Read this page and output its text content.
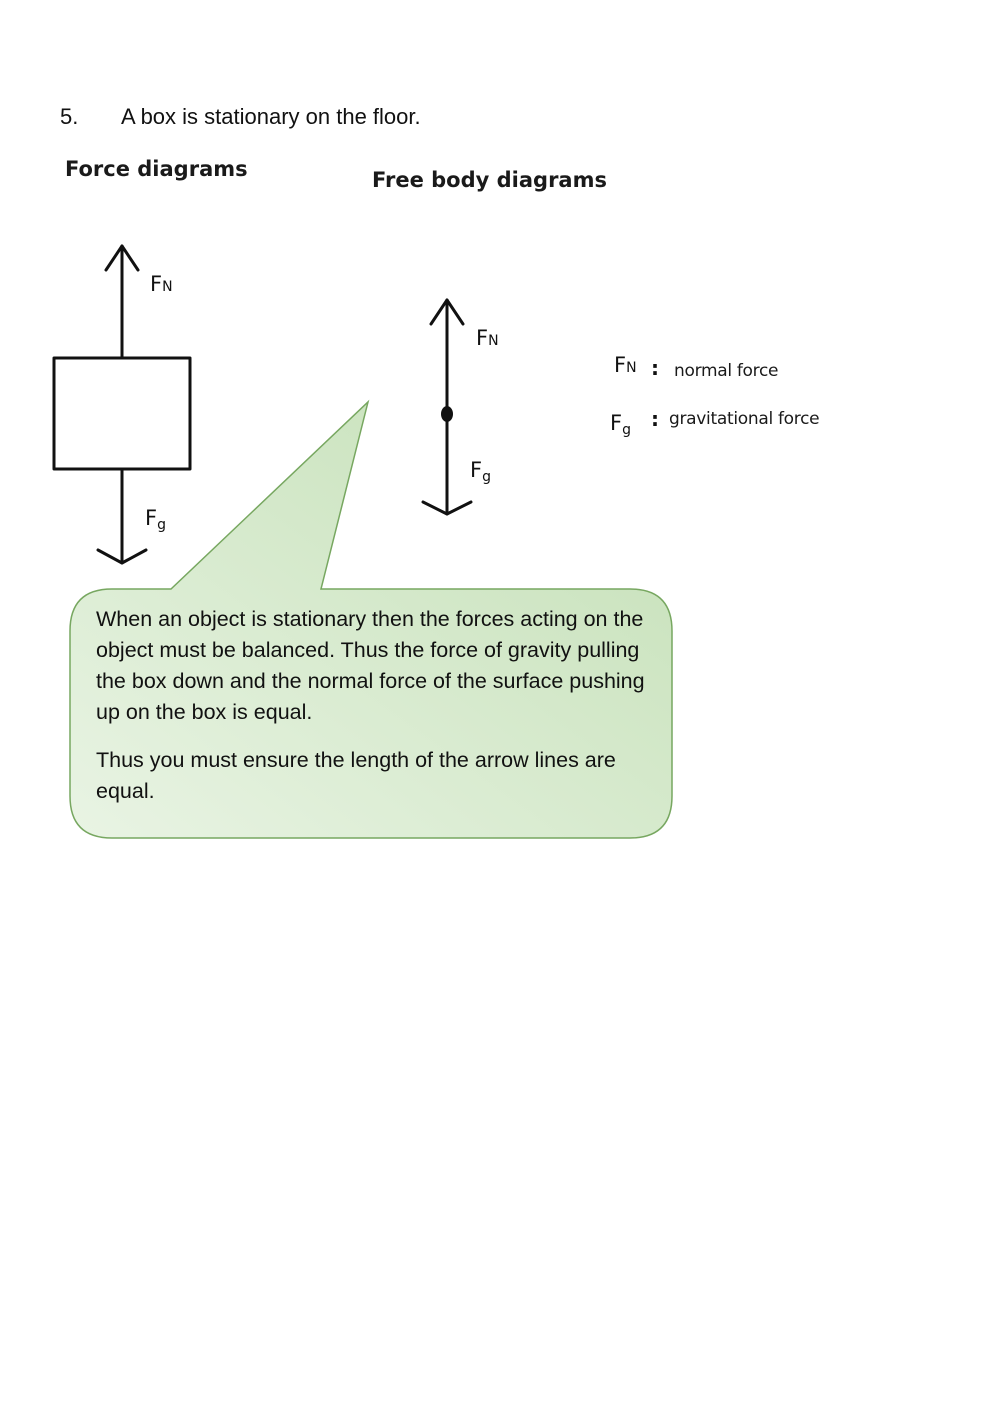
5. A box is stationary on the floor.
Force diagrams	Free body diagrams
FN
Fg
FN
Fg
FN : normal force
Fg : gravitational force

When an object is stationary then the forces acting on the object must be balanced. Thus the force of gravity pulling the box down and the normal force of the surface pushing up on the box is equal.

Thus you must ensure the length of the arrow lines are equal.
